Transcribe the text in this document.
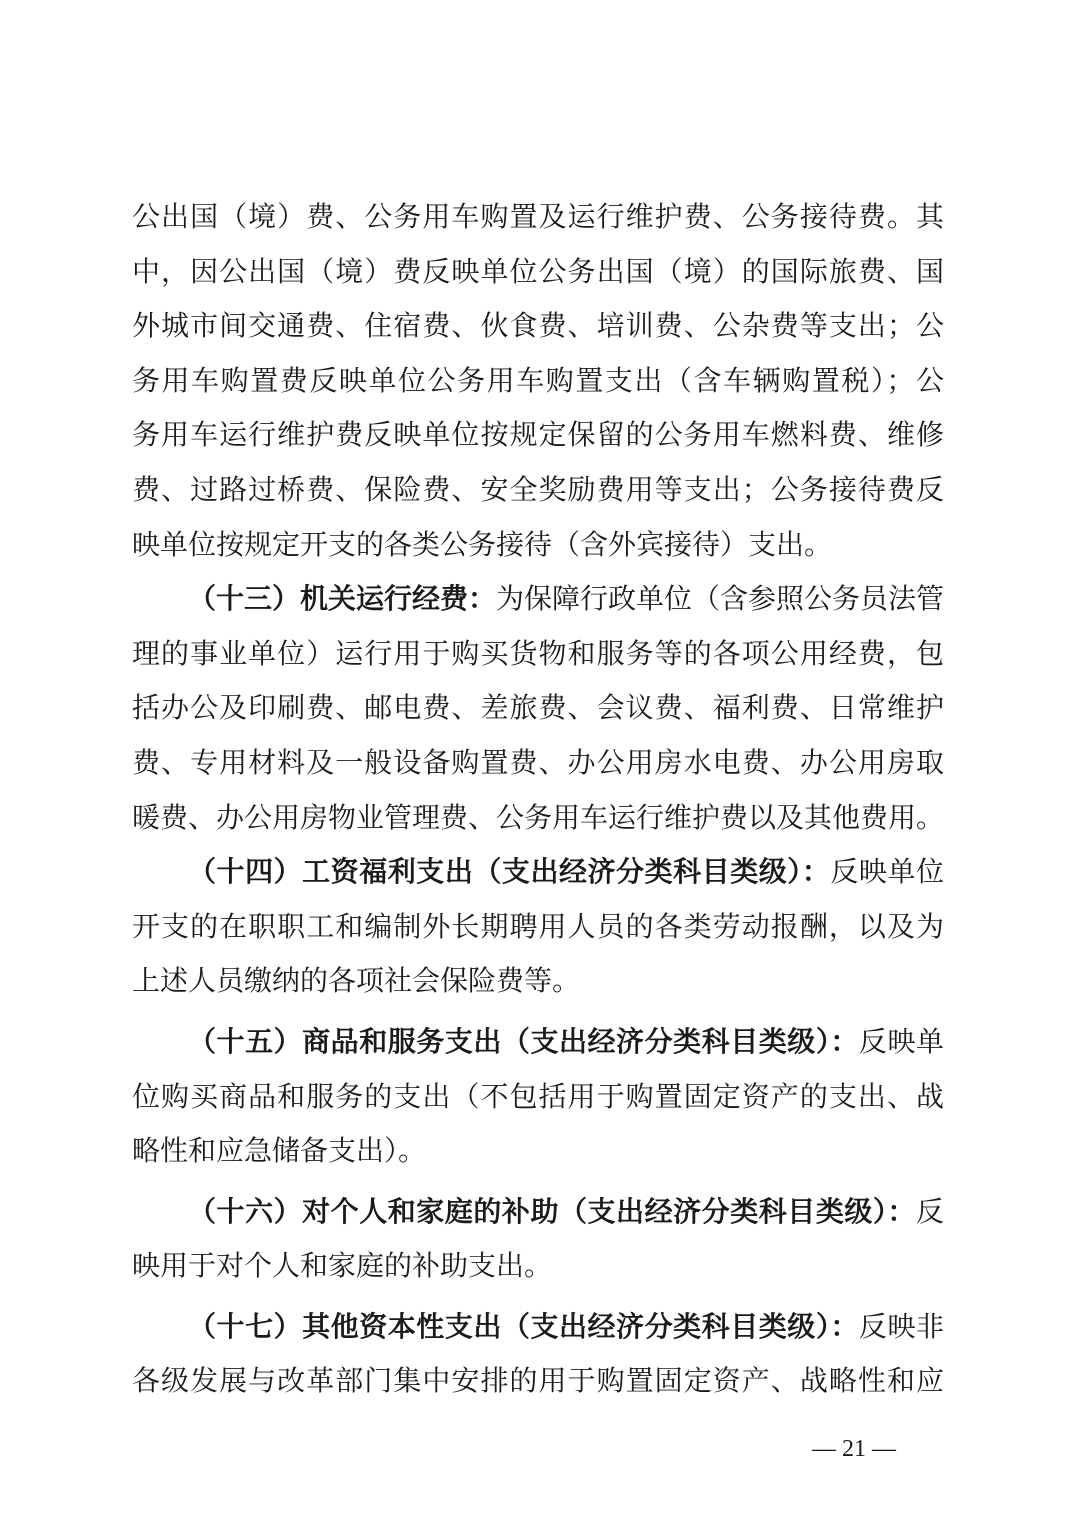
公出国（境）费、公务用车购置及运行维护费、公务接待费。其
中，因公出国（境）费反映单位公务出国（境）的国际旅费、国
外城市间交通费、住宿费、伙食费、培训费、公杂费等支出；公
务用车购置费反映单位公务用车购置支出（含车辆购置税）；公
务用车运行维护费反映单位按规定保留的公务用车燃料费、维修
费、过路过桥费、保险费、安全奖励费用等支出；公务接待费反
映单位按规定开支的各类公务接待（含外宾接待）支出。
（十三）机关运行经费：为保障行政单位（含参照公务员法管
理的事业单位）运行用于购买货物和服务等的各项公用经费，包
括办公及印刷费、邮电费、差旅费、会议费、福利费、日常维护
费、专用材料及一般设备购置费、办公用房水电费、办公用房取
暖费、办公用房物业管理费、公务用车运行维护费以及其他费用。
（十四）工资福利支出（支出经济分类科目类级）：反映单位
开支的在职职工和编制外长期聘用人员的各类劳动报酬，以及为
上述人员缴纳的各项社会保险费等。
（十五）商品和服务支出（支出经济分类科目类级）：反映单
位购买商品和服务的支出（不包括用于购置固定资产的支出、战
略性和应急储备支出）。
（十六）对个人和家庭的补助（支出经济分类科目类级）：反
映用于对个人和家庭的补助支出。
（十七）其他资本性支出（支出经济分类科目类级）：反映非
各级发展与改革部门集中安排的用于购置固定资产、战略性和应
— 21 —
